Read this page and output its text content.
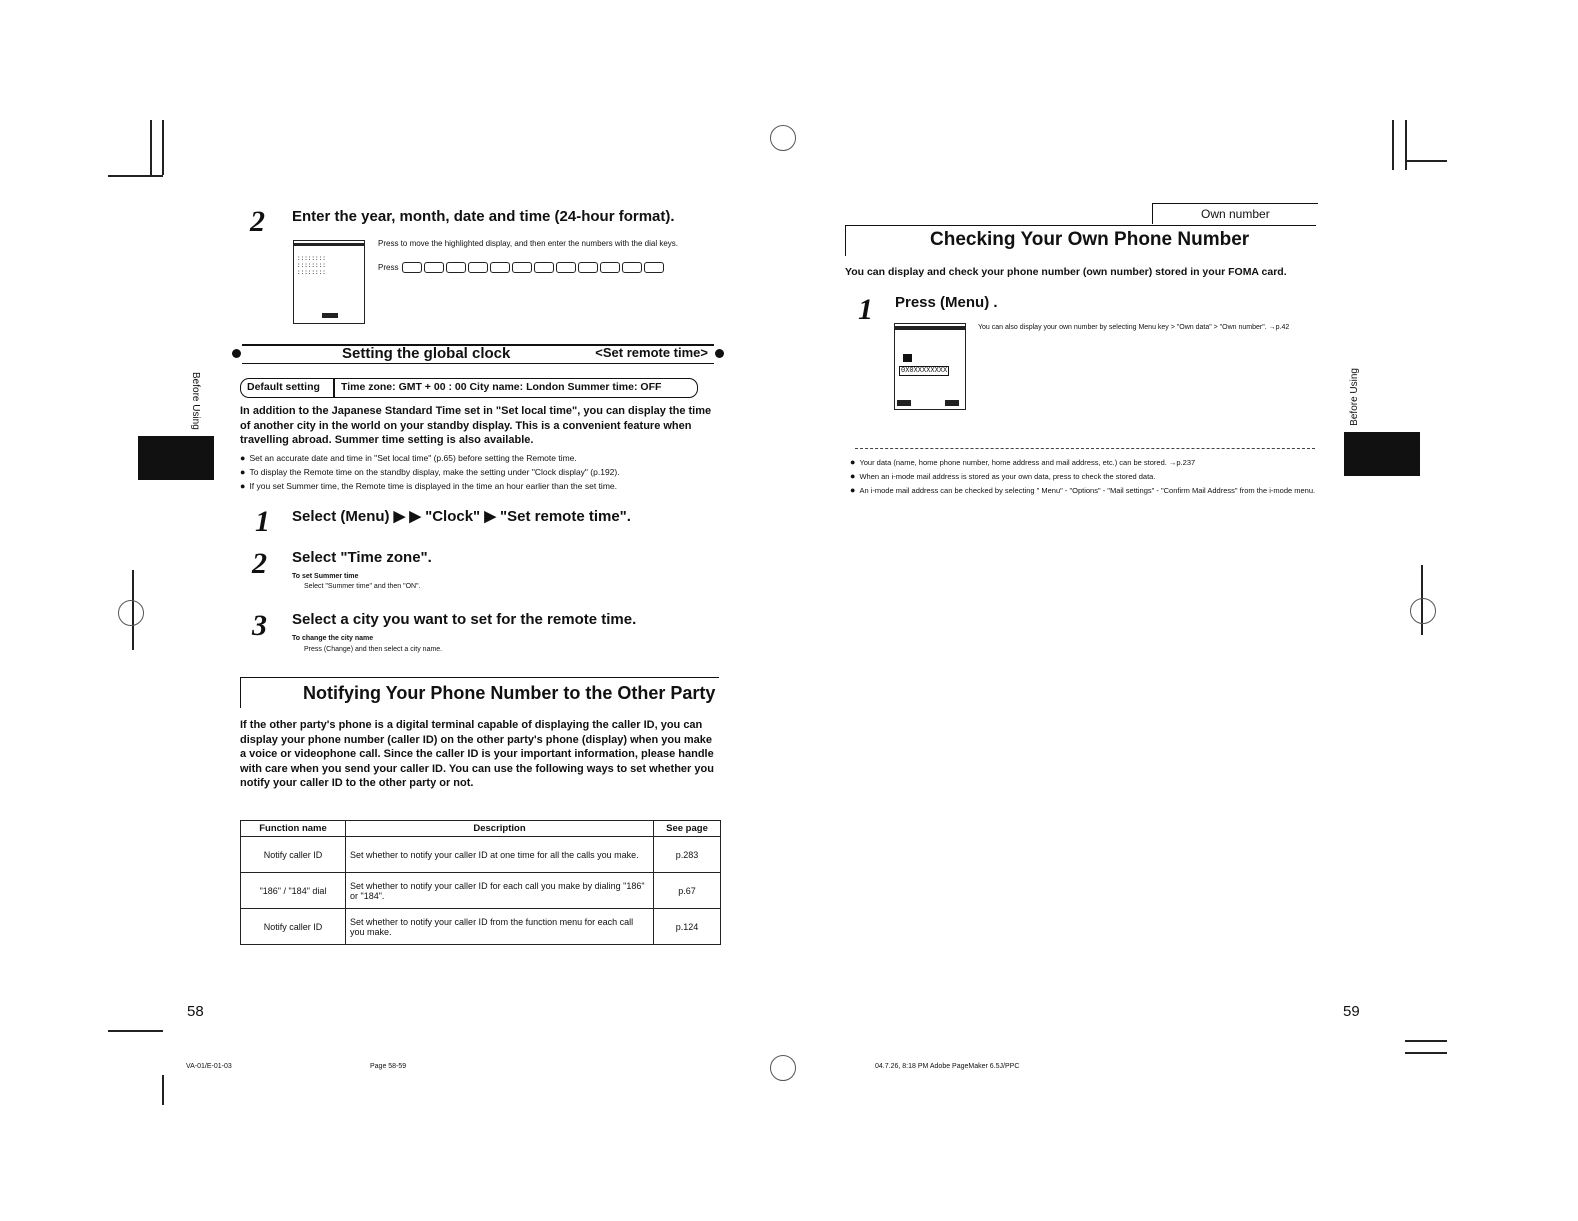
2 Enter the year, month, date and time (24-hour format).
::::::::
::::::::
::::::::
Press to move the highlighted display, and then enter the numbers with the dial keys.
Press
Setting the global clock	<Set remote time>
Default setting Time zone: GMT + 00 : 00 City name: London Summer time: OFF
In addition to the Japanese Standard Time set in "Set local time", you can display the time of another city in the world on your standby display. This is a convenient feature when travelling abroad. Summer time setting is also available.
● Set an accurate date and time in "Set local time" (p.65) before setting the Remote time.
● To display the Remote time on the standby display, make the setting under "Clock display" (p.192).
● If you set Summer time, the Remote time is displayed in the time an hour earlier than the set time.
1 Select (Menu) ▶ ▶ "Clock" ▶ "Set remote time".
2 Select "Time zone".
To set Summer time
Select "Summer time" and then "ON".
3 Select a city you want to set for the remote time.
To change the city name
Press (Change) and then select a city name.
Notifying Your Phone Number to the Other Party
If the other party's phone is a digital terminal capable of displaying the caller ID, you can display your phone number (caller ID) on the other party's phone (display) when you make a voice or videophone call. Since the caller ID is your important information, please handle with care when you send your caller ID. You can use the following ways to set whether you notify your caller ID to the other party or not.
Function name	Description	See page
Notify caller ID	Set whether to notify your caller ID at one time for all the calls you make.	p.283
"186" / "184" dial	Set whether to notify your caller ID for each call you make by dialing "186" or "184".	p.67
Notify caller ID	Set whether to notify your caller ID from the function menu for each call you make.	p.124
Before Using
58
VA-01/E-01-03	Page 58-59
Own number
Checking Your Own Phone Number
You can display and check your phone number (own number) stored in your FOMA card.
1 Press (Menu) .
0X0XXXXXXXX
You can also display your own number by selecting Menu key > "Own data" > "Own number". →p.42
● Your data (name, home phone number, home address and mail address, etc.) can be stored. →p.237
● When an i-mode mail address is stored as your own data, press to check the stored data.
● An i-mode mail address can be checked by selecting " Menu" - "Options" - "Mail settings" - "Confirm Mail Address" from the i-mode menu.
Before Using
59
04.7.26, 8:18 PM Adobe PageMaker 6.5J/PPC
